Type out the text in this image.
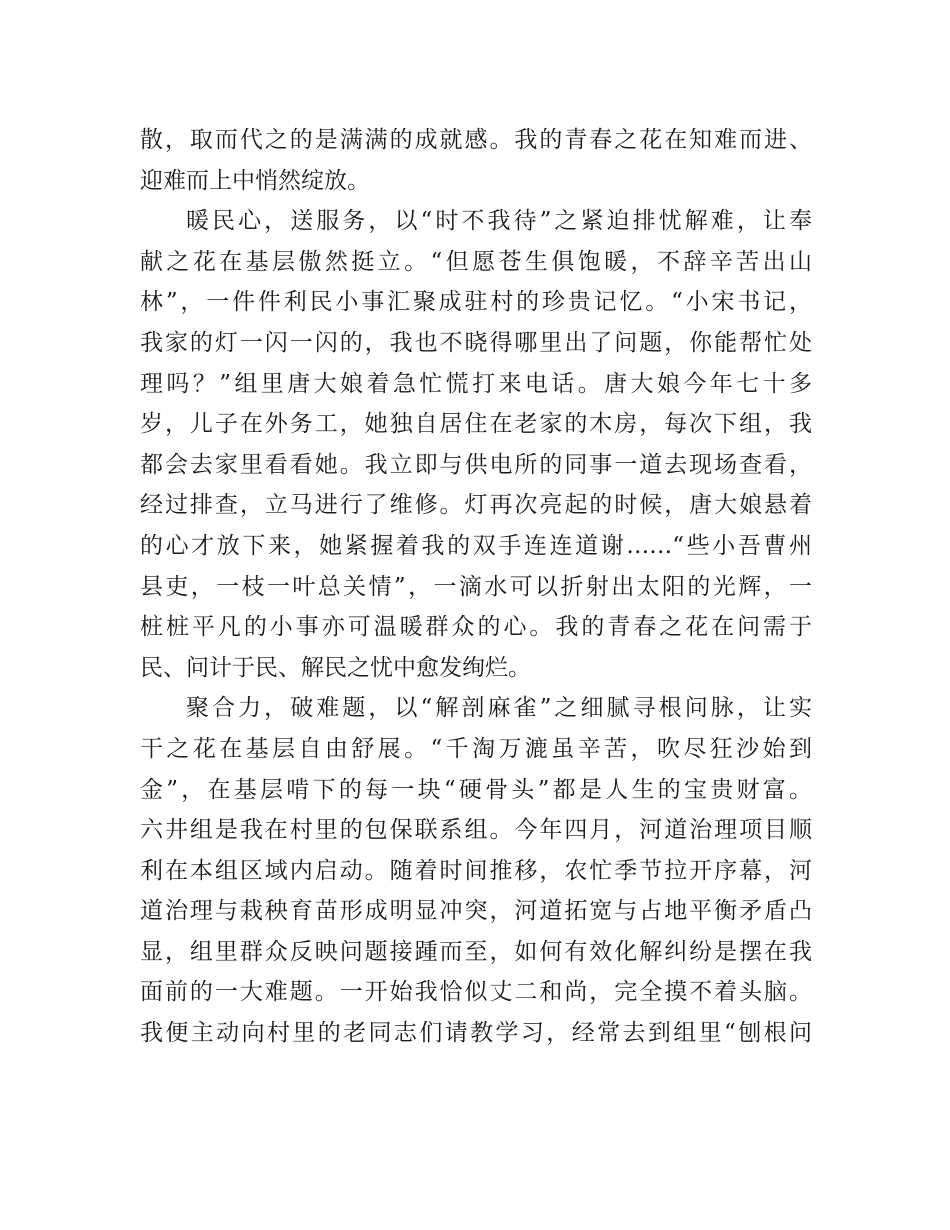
散，取而代之的是满满的成就感。我的青春之花在知难而进、
迎难而上中悄然绽放。
暖民心，送服务，以“时不我待”之紧迫排忧解难，让奉
献之花在基层傲然挺立。“但愿苍生俱饱暖，不辞辛苦出山
林”，一件件利民小事汇聚成驻村的珍贵记忆。“小宋书记，
我家的灯一闪一闪的，我也不晓得哪里出了问题，你能帮忙处
理吗？”组里唐大娘着急忙慌打来电话。唐大娘今年七十多
岁，儿子在外务工，她独自居住在老家的木房，每次下组，我
都会去家里看看她。我立即与供电所的同事一道去现场查看，
经过排查，立马进行了维修。灯再次亮起的时候，唐大娘悬着
的心才放下来，她紧握着我的双手连连道谢……“些小吾曹州
县吏，一枝一叶总关情”，一滴水可以折射出太阳的光辉，一
桩桩平凡的小事亦可温暖群众的心。我的青春之花在问需于
民、问计于民、解民之忧中愈发绚烂。
聚合力，破难题，以“解剖麻雀”之细腻寻根问脉，让实
干之花在基层自由舒展。“千淘万漉虽辛苦，吹尽狂沙始到
金”，在基层啃下的每一块“硬骨头”都是人生的宝贵财富。
六井组是我在村里的包保联系组。今年四月，河道治理项目顺
利在本组区域内启动。随着时间推移，农忙季节拉开序幕，河
道治理与栽秧育苗形成明显冲突，河道拓宽与占地平衡矛盾凸
显，组里群众反映问题接踵而至，如何有效化解纠纷是摆在我
面前的一大难题。一开始我恰似丈二和尚，完全摸不着头脑。
我便主动向村里的老同志们请教学习，经常去到组里“刨根问
